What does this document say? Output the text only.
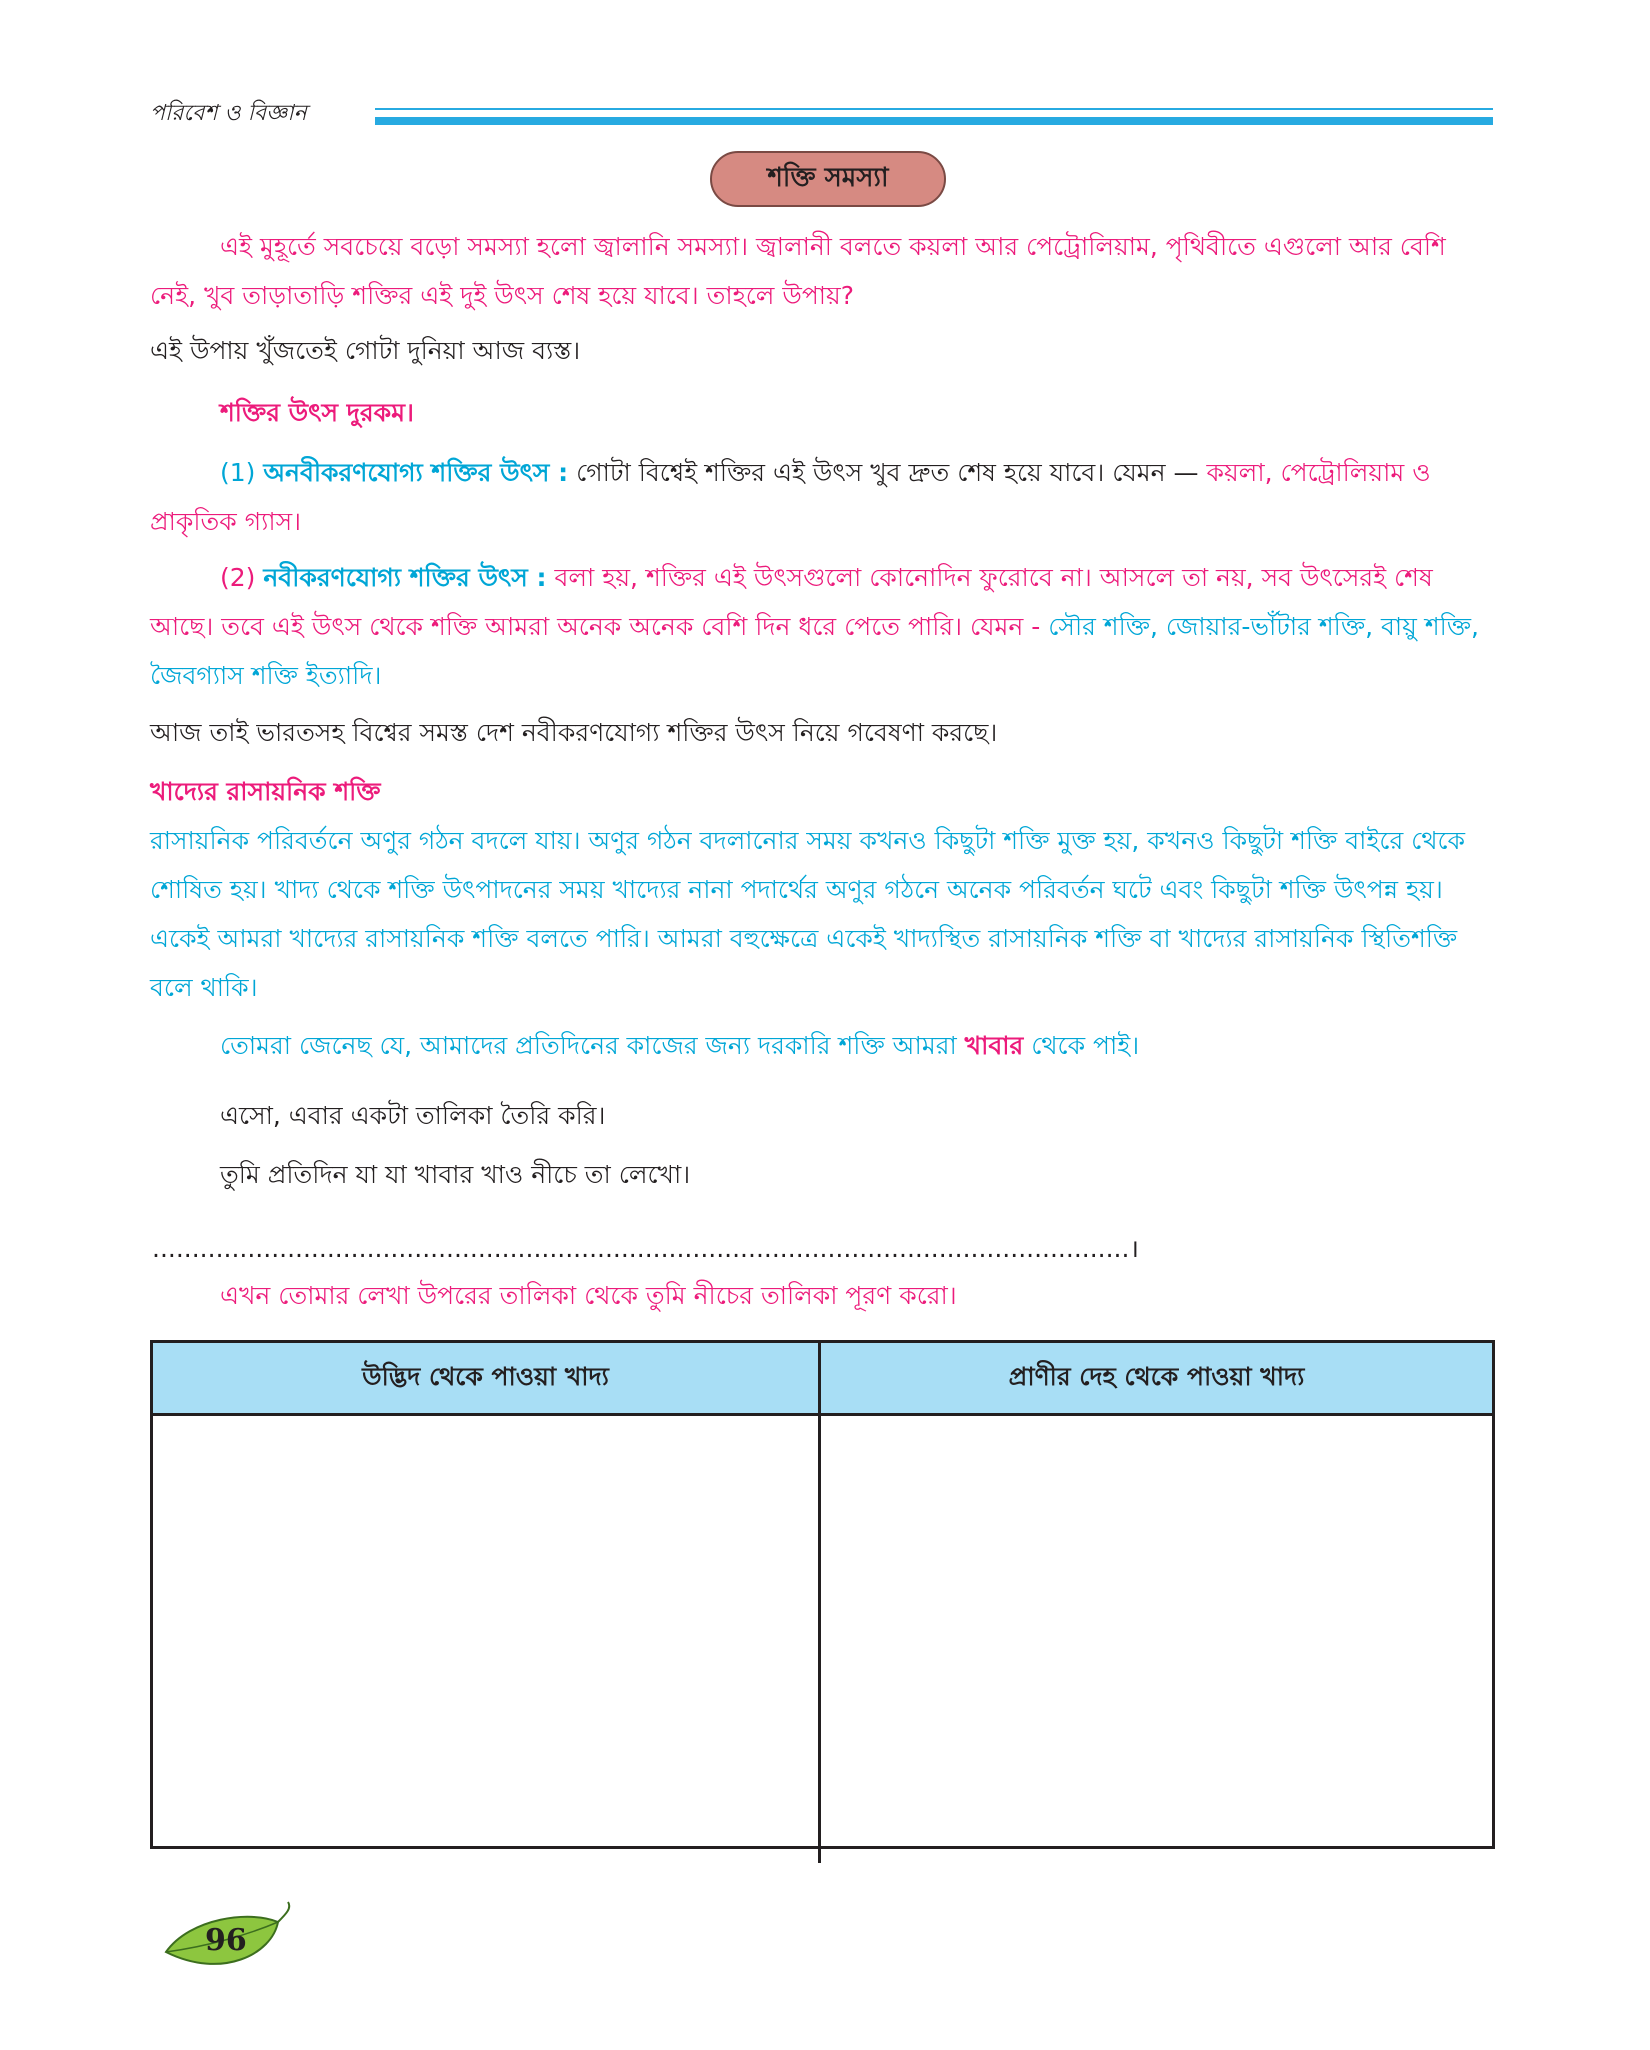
পরিবেশ ও বিজ্ঞান
শক্তি সমস্যা

এই মুহূর্তে সবচেয়ে বড়ো সমস্যা হলো জ্বালানি সমস্যা। জ্বালানী বলতে কয়লা আর পেট্রোলিয়াম, পৃথিবীতে এগুলো আর বেশি নেই, খুব তাড়াতাড়ি শক্তির এই দুই উৎস শেষ হয়ে যাবে। তাহলে উপায়?

এই উপায় খুঁজতেই গোটা দুনিয়া আজ ব্যস্ত।

শক্তির উৎস দুরকম।

(1) অনবীকরণযোগ্য শক্তির উৎস : গোটা বিশ্বেই শক্তির এই উৎস খুব দ্রুত শেষ হয়ে যাবে। যেমন — কয়লা, পেট্রোলিয়াম ও প্রাকৃতিক গ্যাস।

(2) নবীকরণযোগ্য শক্তির উৎস : বলা হয়, শক্তির এই উৎসগুলো কোনোদিন ফুরোবে না। আসলে তা নয়, সব উৎসেরই শেষ আছে। তবে এই উৎস থেকে শক্তি আমরা অনেক অনেক বেশি দিন ধরে পেতে পারি। যেমন - সৌর শক্তি, জোয়ার-ভাঁটার শক্তি, বায়ু শক্তি, জৈবগ্যাস শক্তি ইত্যাদি।

আজ তাই ভারতসহ বিশ্বের সমস্ত দেশ নবীকরণযোগ্য শক্তির উৎস নিয়ে গবেষণা করছে।

খাদ্যের রাসায়নিক শক্তি

রাসায়নিক পরিবর্তনে অণুর গঠন বদলে যায়। অণুর গঠন বদলানোর সময় কখনও কিছুটা শক্তি মুক্ত হয়, কখনও কিছুটা শক্তি বাইরে থেকে শোষিত হয়। খাদ্য থেকে শক্তি উৎপাদনের সময় খাদ্যের নানা পদার্থের অণুর গঠনে অনেক পরিবর্তন ঘটে এবং কিছুটা শক্তি উৎপন্ন হয়। একেই আমরা খাদ্যের রাসায়নিক শক্তি বলতে পারি। আমরা বহুক্ষেত্রে একেই খাদ্যস্থিত রাসায়নিক শক্তি বা খাদ্যের রাসায়নিক স্থিতিশক্তি বলে থাকি।

তোমরা জেনেছ যে, আমাদের প্রতিদিনের কাজের জন্য দরকারি শক্তি আমরা খাবার থেকে পাই।

এসো, এবার একটা তালিকা তৈরি করি।

তুমি প্রতিদিন যা যা খাবার খাও নীচে তা লেখো।

...........................................................................................................................।

এখন তোমার লেখা উপরের তালিকা থেকে তুমি নীচের তালিকা পূরণ করো।

উদ্ভিদ থেকে পাওয়া খাদ্য	প্রাণীর দেহ থেকে পাওয়া খাদ্য
96
